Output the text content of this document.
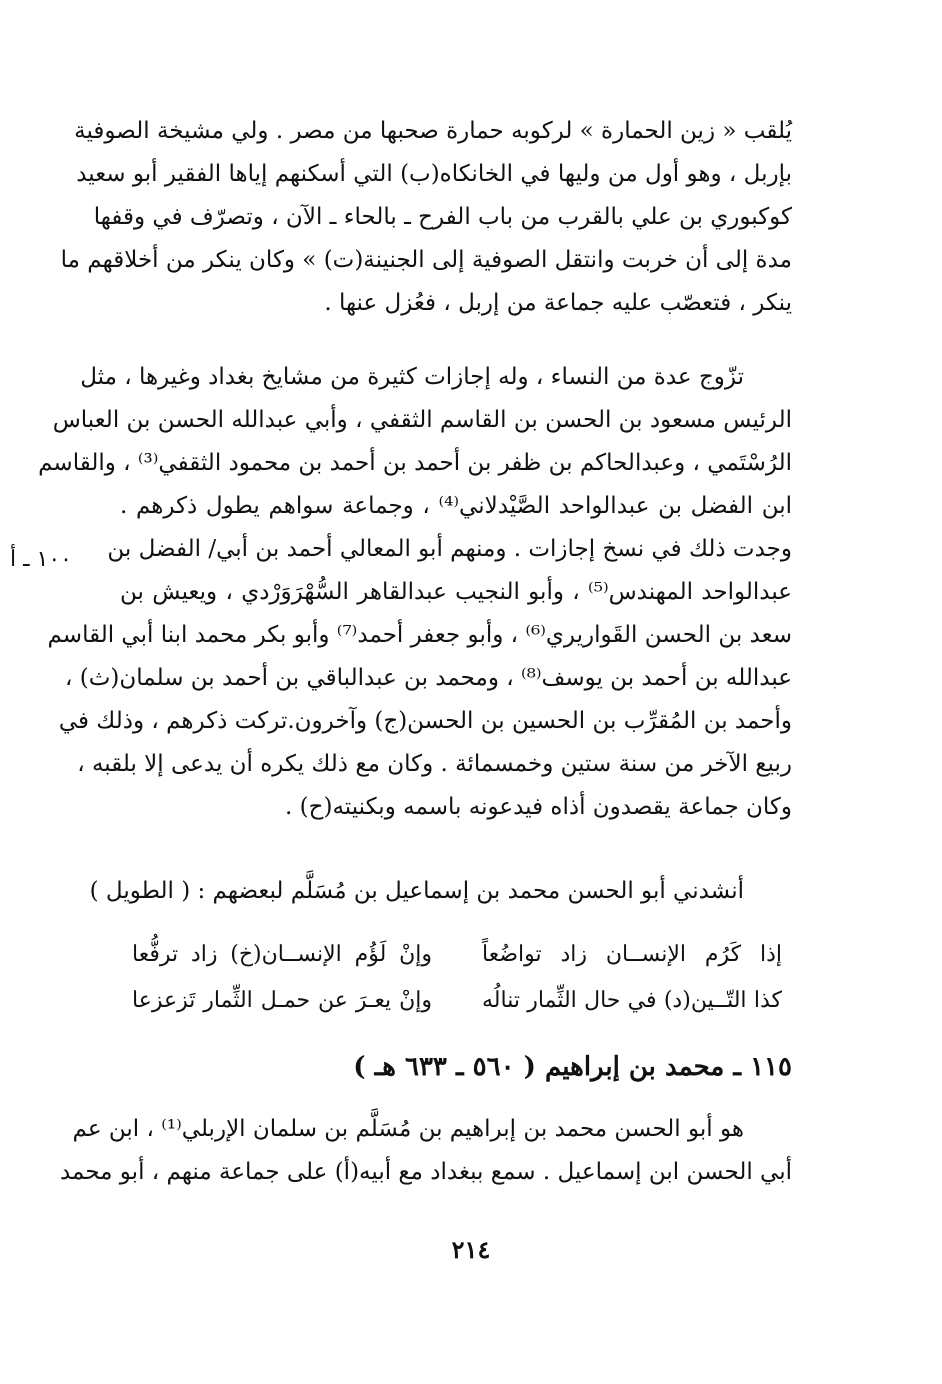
يُلقب « زين الحمارة » لركوبه حمارة صحبها من مصر . ولي مشيخة الصوفية
بإربل ، وهو أول من وليها في الخانكاه(ب) التي أسكنهم إياها الفقير أبو سعيد
كوكبوري بن علي بالقرب من باب الفرح ـ بالحاء ـ الآن ، وتصرّف في وقفها
مدة إلى أن خربت وانتقل الصوفية إلى الجنينة(ت) » وكان ينكر من أخلاقهم ما
ينكر ، فتعصّب عليه جماعة من إربل ، فعُزل عنها .
تزّوج عدة من النساء ، وله إجازات كثيرة من مشايخ بغداد وغيرها ، مثل
الرئيس مسعود بن الحسن بن القاسم الثقفي ، وأبي عبدالله الحسن بن العباس
الرُسْتَمي ، وعبدالحاكم بن ظفر بن أحمد بن أحمد بن محمود الثقفي⁽³⁾ ، والقاسم
ابن الفضل بن عبدالواحد الصَّيْدلاني⁽⁴⁾ ، وجماعة سواهم يطول ذكرهم .
وجدت ذلك في نسخ إجازات . ومنهم أبو المعالي أحمد بن أبي/ الفضل بن
عبدالواحد المهندس⁽⁵⁾ ، وأبو النجيب عبدالقاهر السُّهْرَوَرْدي ، ويعيش بن
سعد بن الحسن القَواريري⁽⁶⁾ ، وأبو جعفر أحمد⁽⁷⁾ وأبو بكر محمد ابنا أبي القاسم
عبدالله بن أحمد بن يوسف⁽⁸⁾ ، ومحمد بن عبدالباقي بن أحمد بن سلمان(ث) ،
وأحمد بن المُقرِّب بن الحسين بن الحسن(ج) وآخرون.تركت ذكرهم ، وذلك في
ربيع الآخر من سنة ستين وخمسمائة . وكان مع ذلك يكره أن يدعى إلا بلقبه ،
وكان جماعة يقصدون أذاه فيدعونه باسمه وبكنيته(ح) .
١٠٠ ـ أ
أنشدني أبو الحسن محمد بن إسماعيل بن مُسَلَّم لبعضهم : ( الطويل )
إذا كَرُم الإنســان زاد تواضُعاً
وإنْ لَؤُم الإنســان(خ) زاد ترفُّعا
كذا التّــين(د) في حال الثِّمار تنالُه
وإنْ يعـرَ عن حمـل الثِّمار تَزعزعا
١١٥ ـ محمد بن إبراهيم ( ٥٦٠ ـ ٦٣٣ هـ )
هو أبو الحسن محمد بن إبراهيم بن مُسَلَّم بن سلمان الإربلي⁽¹⁾ ، ابن عم
أبي الحسن ابن إسماعيل . سمع ببغداد مع أبيه(أ) على جماعة منهم ، أبو محمد
٢١٤
